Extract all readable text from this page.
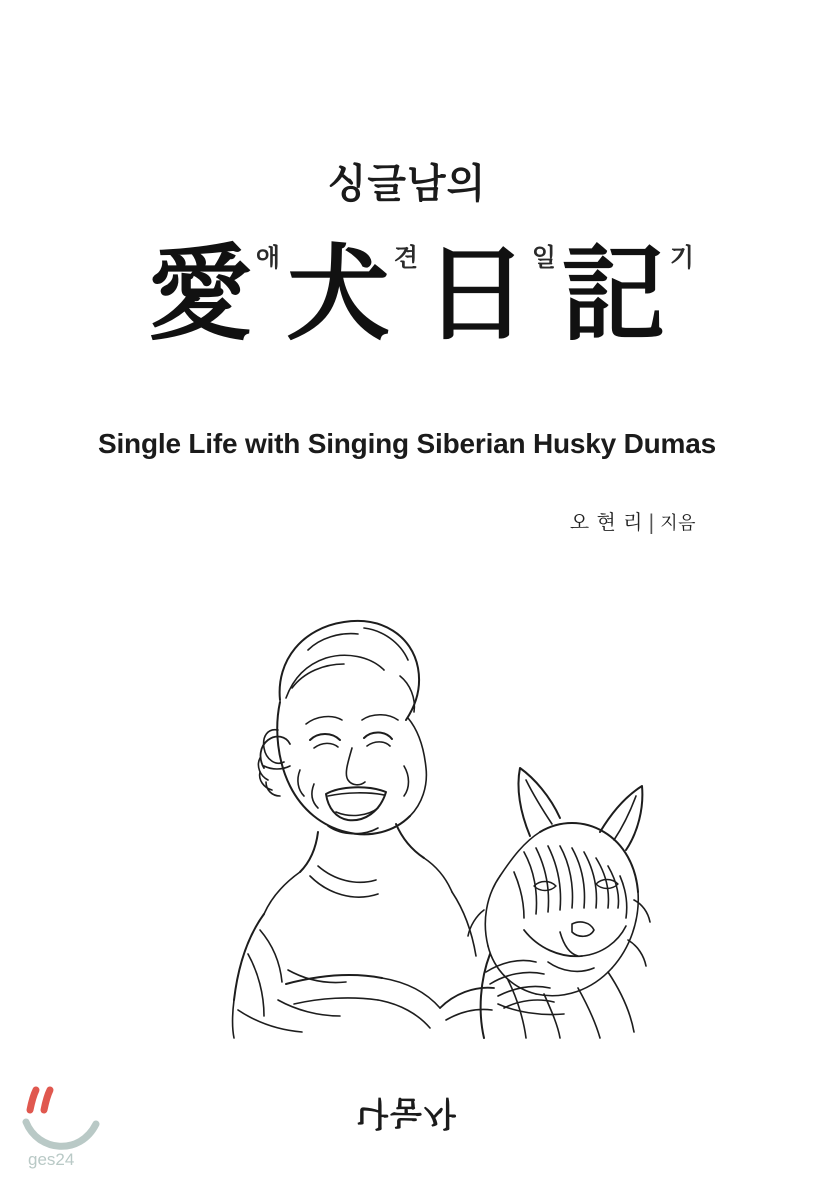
싱글남의
愛 애 犬 견 日 일 記 기
Single Life with Singing Siberian Husky Dumas
오 현 리 | 지음
나눔사
ges24
